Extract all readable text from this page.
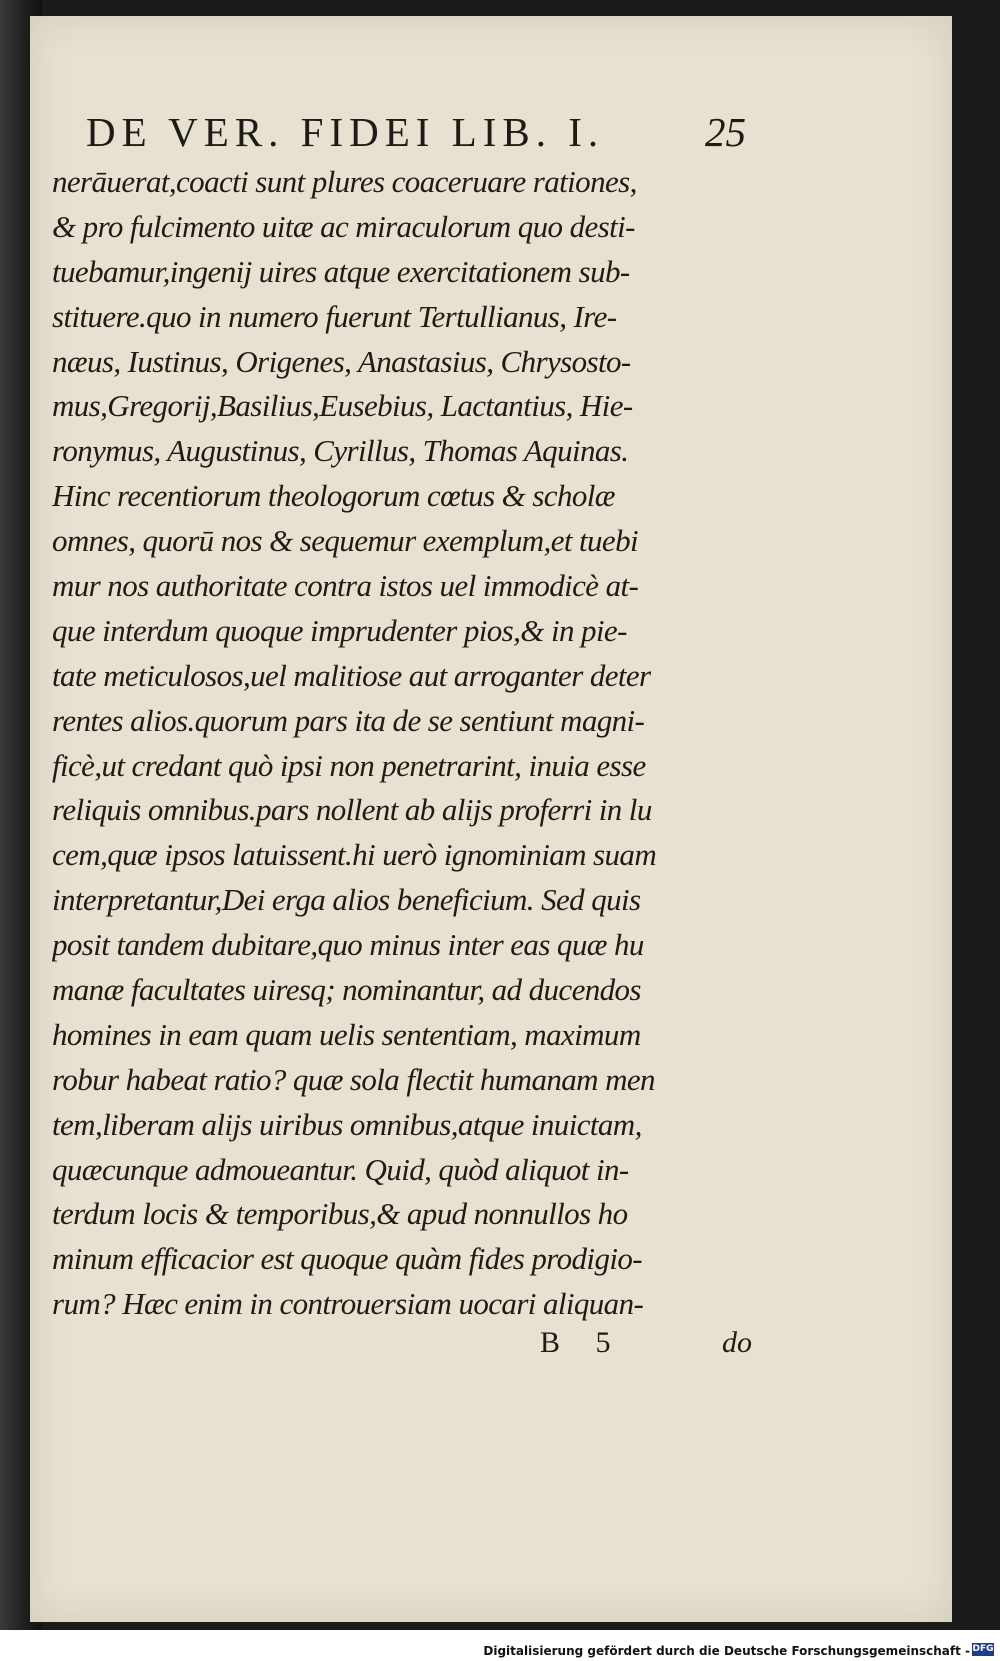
DE VER. FIDEI LIB. I. 25
nerāuerat,coacti sunt plures coaceruare rationes,
& pro fulcimento uitæ ac miraculorum quo desti-
tuebamur,ingenij uires atque exercitationem sub-
stituere.quo in numero fuerunt Tertullianus, Ire-
næus, Iustinus, Origenes, Anastasius, Chrysosto-
mus,Gregorij,Basilius,Eusebius, Lactantius, Hie-
ronymus, Augustinus, Cyrillus, Thomas Aquinas.
Hinc recentiorum theologorum cœtus & scholæ
omnes, quorū nos & sequemur exemplum,et tuebi
mur nos authoritate contra istos uel immodicè at-
que interdum quoque imprudenter pios,& in pie-
tate meticulosos,uel malitiose aut arroganter deter
rentes alios.quorum pars ita de se sentiunt magni-
ficè,ut credant quò ipsi non penetrarint, inuia esse
reliquis omnibus.pars nollent ab alijs proferri in lu
cem,quæ ipsos latuissent.hi uerò ignominiam suam
interpretantur,Dei erga alios beneficium. Sed quis
posit tandem dubitare,quo minus inter eas quæ hu
manæ facultates uiresq; nominantur, ad ducendos
homines in eam quam uelis sententiam, maximum
robur habeat ratio? quæ sola flectit humanam men
tem,liberam alijs uiribus omnibus,atque inuictam,
quæcunque admoueantur. Quid, quòd aliquot in-
terdum locis & temporibus,& apud nonnullos ho
minum efficacior est quoque quàm fides prodigio-
rum? Hæc enim in controuersiam uocari aliquan-
B 5	do
Digitalisierung gefördert durch die Deutsche Forschungsgemeinschaft - DFG
